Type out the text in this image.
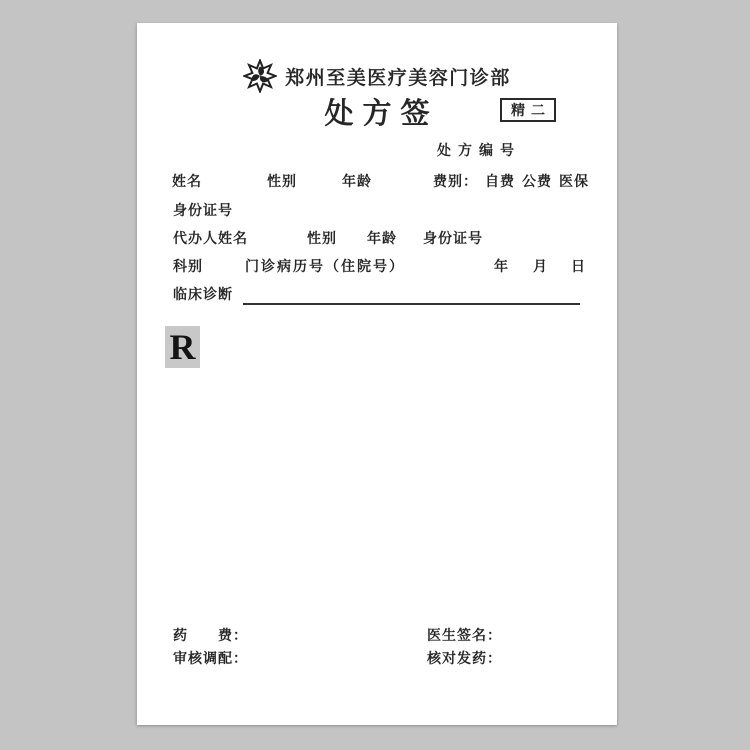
郑州至美医疗美容门诊部
处方签	精二
处方编号
姓名	性别	年龄	费别： 自费 公费 医保
身份证号
代办人姓名	性别 年龄 身份证号
科别	门诊病历号（住院号）	年 月 日
临床诊断
R
药　　费：	医生签名：
审核调配：	核对发药：
